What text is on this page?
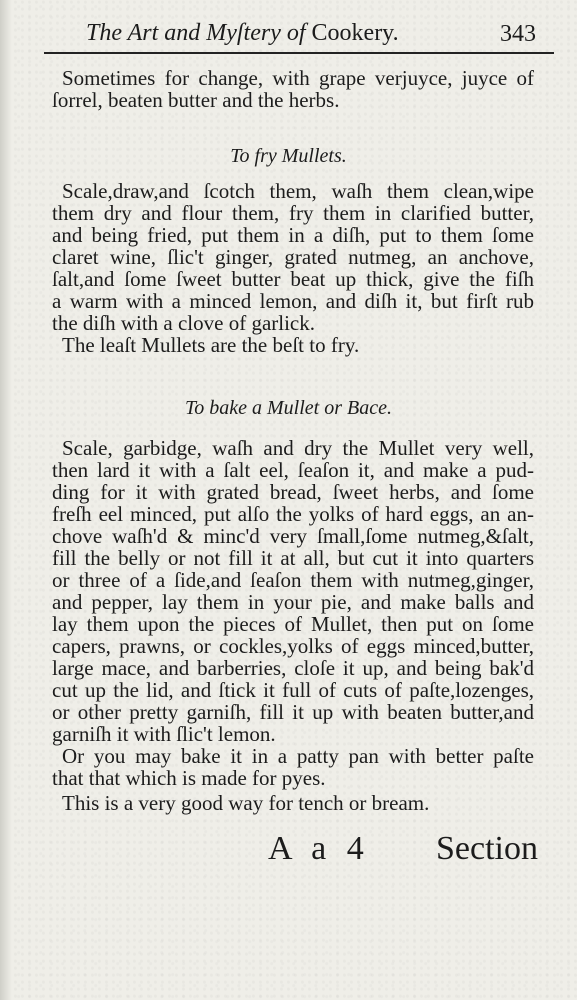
The Art and Myſtery of Cookery.	343
Sometimes for change, with grape verjuyce, juyce of
ſorrel, beaten butter and the herbs.
To fry Mullets.
Scale,draw,and ſcotch them, waſh them clean,wipe
them dry and flour them, fry them in clarified butter,
and being fried, put them in a diſh, put to them ſome
claret wine, ſlic't ginger, grated nutmeg, an anchove,
ſalt,and ſome ſweet butter beat up thick, give the fiſh
a warm with a minced lemon, and diſh it, but firſt rub
the diſh with a clove of garlick.
The leaſt Mullets are the beſt to fry.
To bake a Mullet or Bace.
Scale, garbidge, waſh and dry the Mullet very well,
then lard it with a ſalt eel, ſeaſon it, and make a pud-
ding for it with grated bread, ſweet herbs, and ſome
freſh eel minced, put alſo the yolks of hard eggs, an an-
chove waſh'd & minc'd very ſmall,ſome nutmeg,&ſalt,
fill the belly or not fill it at all, but cut it into quarters
or three of a ſide,and ſeaſon them with nutmeg,ginger,
and pepper, lay them in your pie, and make balls and
lay them upon the pieces of Mullet, then put on ſome
capers, prawns, or cockles,yolks of eggs minced,butter,
large mace, and barberries, cloſe it up, and being bak'd
cut up the lid, and ſtick it full of cuts of paſte,lozenges,
or other pretty garniſh, fill it up with beaten butter,and
garniſh it with ſlic't lemon.
Or you may bake it in a patty pan with better paſte
that that which is made for pyes.
This is a very good way for tench or bream.
A a 4 Section
